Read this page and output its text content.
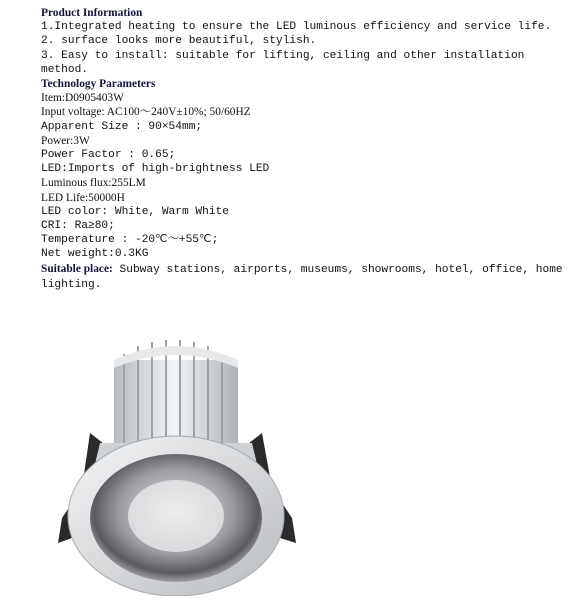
Product Information
1.Integrated heating to ensure the LED luminous efficiency and service life.
2. surface looks more beautiful, stylish.
3. Easy to install: suitable for lifting, ceiling and other installation method.
Technology Parameters
Item:D0905403W
Input voltage: AC100～240V±10%; 50/60HZ
Apparent Size : 90×54mm;
Power:3W
Power Factor : 0.65;
LED:Imports of high-brightness LED
Luminous flux:255LM
LED Life:50000H
LED color: White, Warm White
CRI: Ra≥80;
Temperature : -20℃～+55℃;
Net weight:0.3KG
Suitable place: Subway stations, airports, museums, showrooms, hotel, office, home lighting.
